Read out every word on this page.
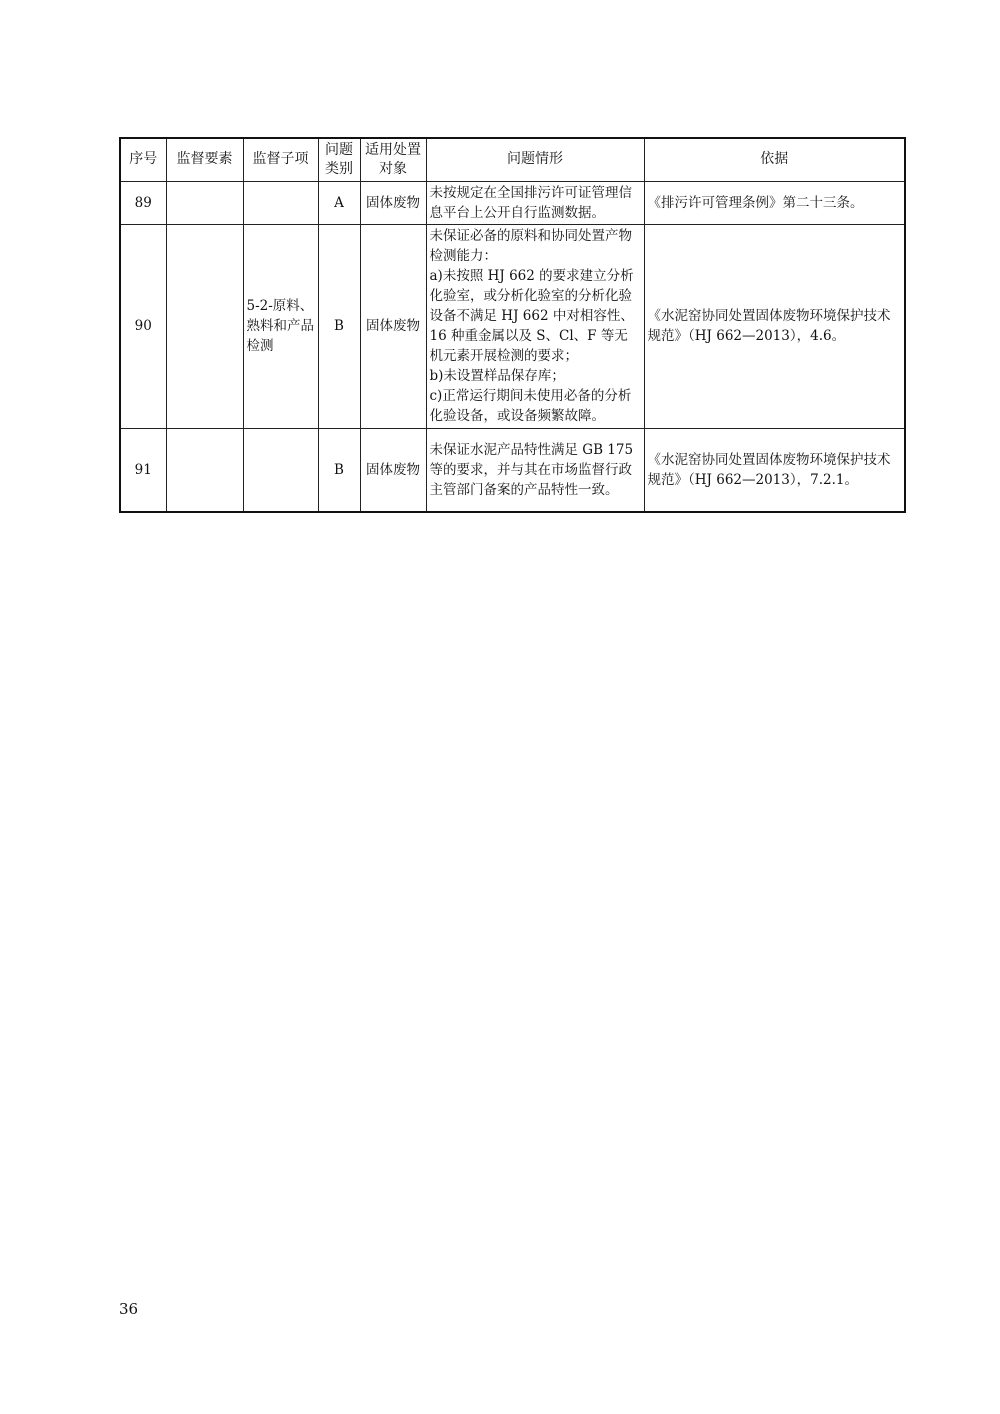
序号	监督要素	监督子项	问题类别	适用处置对象	问题情形	依据
89			A	固体废物	未按规定在全国排污许可证管理信息平台上公开自行监测数据。	《排污许可管理条例》第二十三条。

90		5-2-原料、熟料和产品检测	B	固体废物	未保证必备的原料和协同处置产物检测能力：
a)未按照 HJ 662 的要求建立分析化验室，或分析化验室的分析化验设备不满足 HJ 662 中对相容性、16 种重金属以及 S、Cl、F 等无机元素开展检测的要求；
b)未设置样品保存库；
c)正常运行期间未使用必备的分析化验设备，或设备频繁故障。	《水泥窑协同处置固体废物环境保护技术规范》（HJ 662—2013），4.6。

91			B	固体废物	未保证水泥产品特性满足 GB 175 等的要求，并与其在市场监督行政主管部门备案的产品特性一致。	《水泥窑协同处置固体废物环境保护技术规范》（HJ 662—2013），7.2.1。
36
